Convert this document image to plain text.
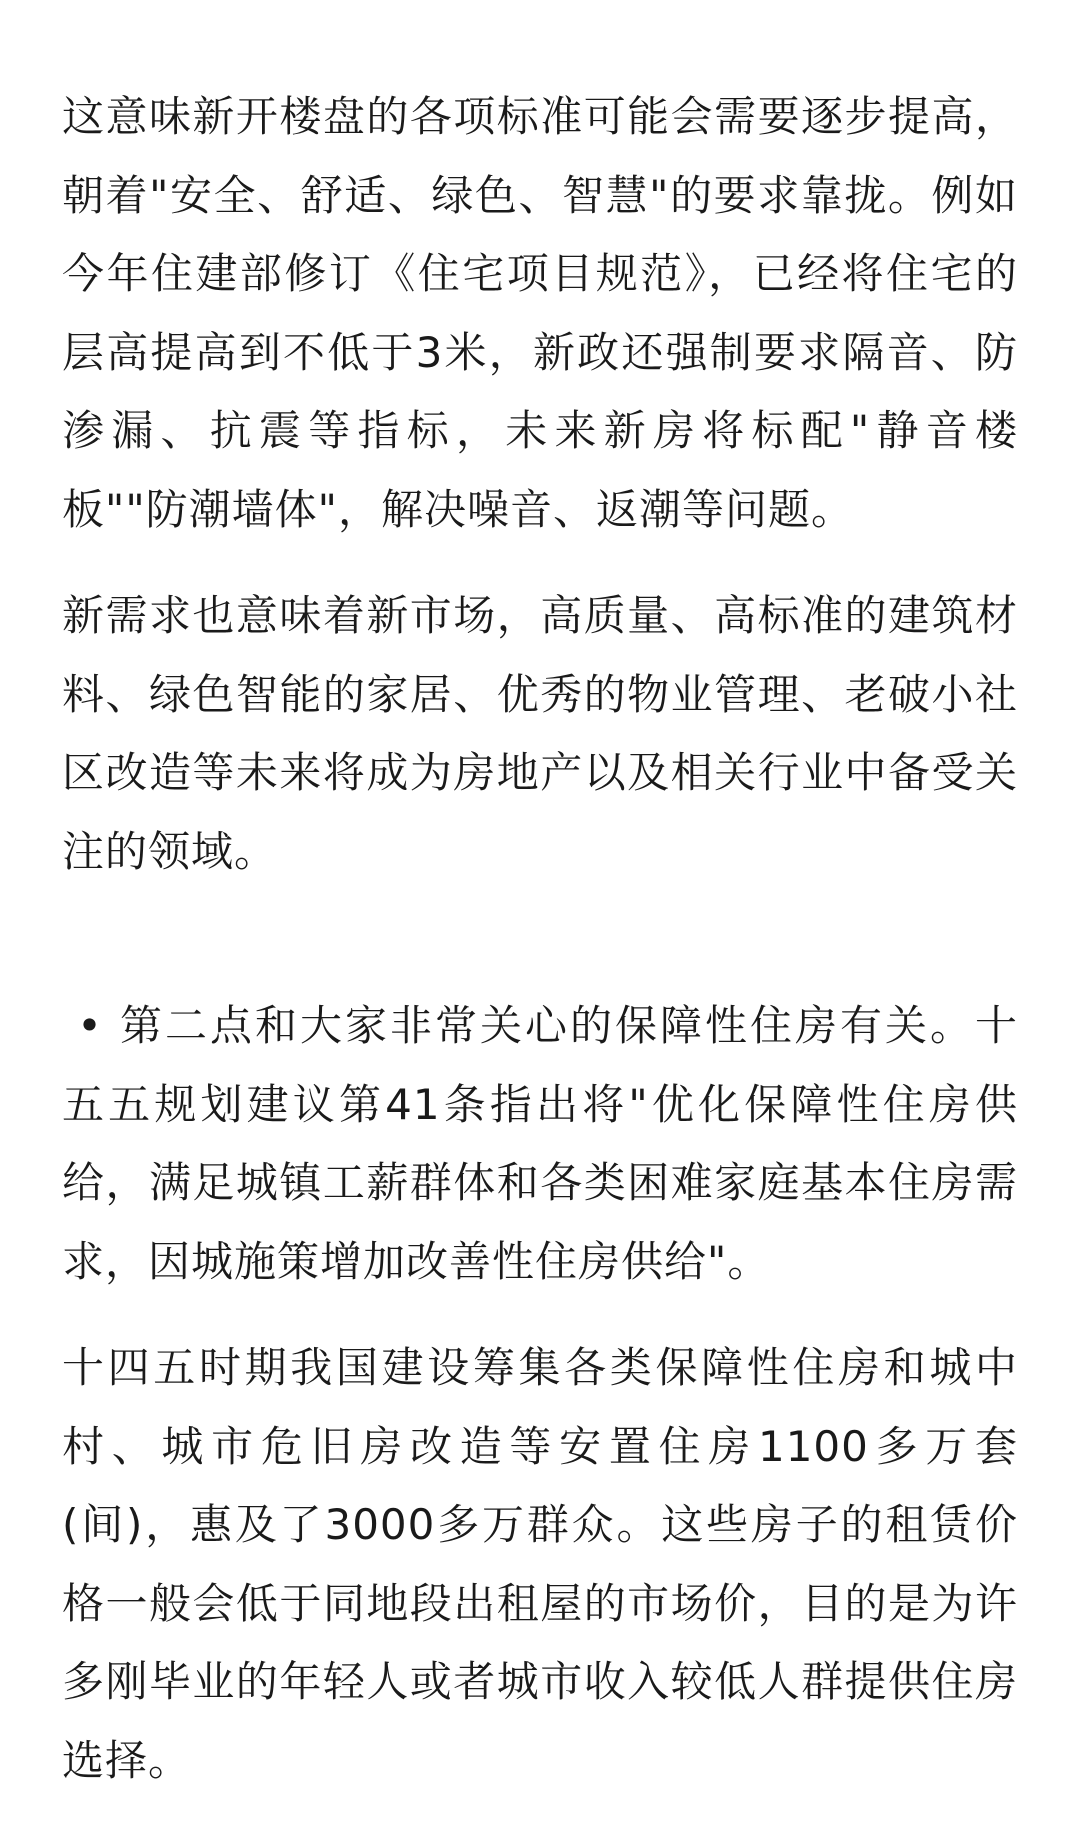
这意味新开楼盘的各项标准可能会需要逐步提高，朝着"安全、舒适、绿色、智慧"的要求靠拢。例如今年住建部修订《住宅项目规范》，已经将住宅的层高提高到不低于3米，新政还强制要求隔音、防渗漏、抗震等指标，未来新房将标配"静音楼板""防潮墙体"，解决噪音、返潮等问题。

新需求也意味着新市场，高质量、高标准的建筑材料、绿色智能的家居、优秀的物业管理、老破小社区改造等未来将成为房地产以及相关行业中备受关注的领域。

• 第二点和大家非常关心的保障性住房有关。十五五规划建议第41条指出将"优化保障性住房供给，满足城镇工薪群体和各类困难家庭基本住房需求，因城施策增加改善性住房供给"。

十四五时期我国建设筹集各类保障性住房和城中村、城市危旧房改造等安置住房1100多万套(间)，惠及了3000多万群众。这些房子的租赁价格一般会低于同地段出租屋的市场价，目的是为许多刚毕业的年轻人或者城市收入较低人群提供住房选择。
